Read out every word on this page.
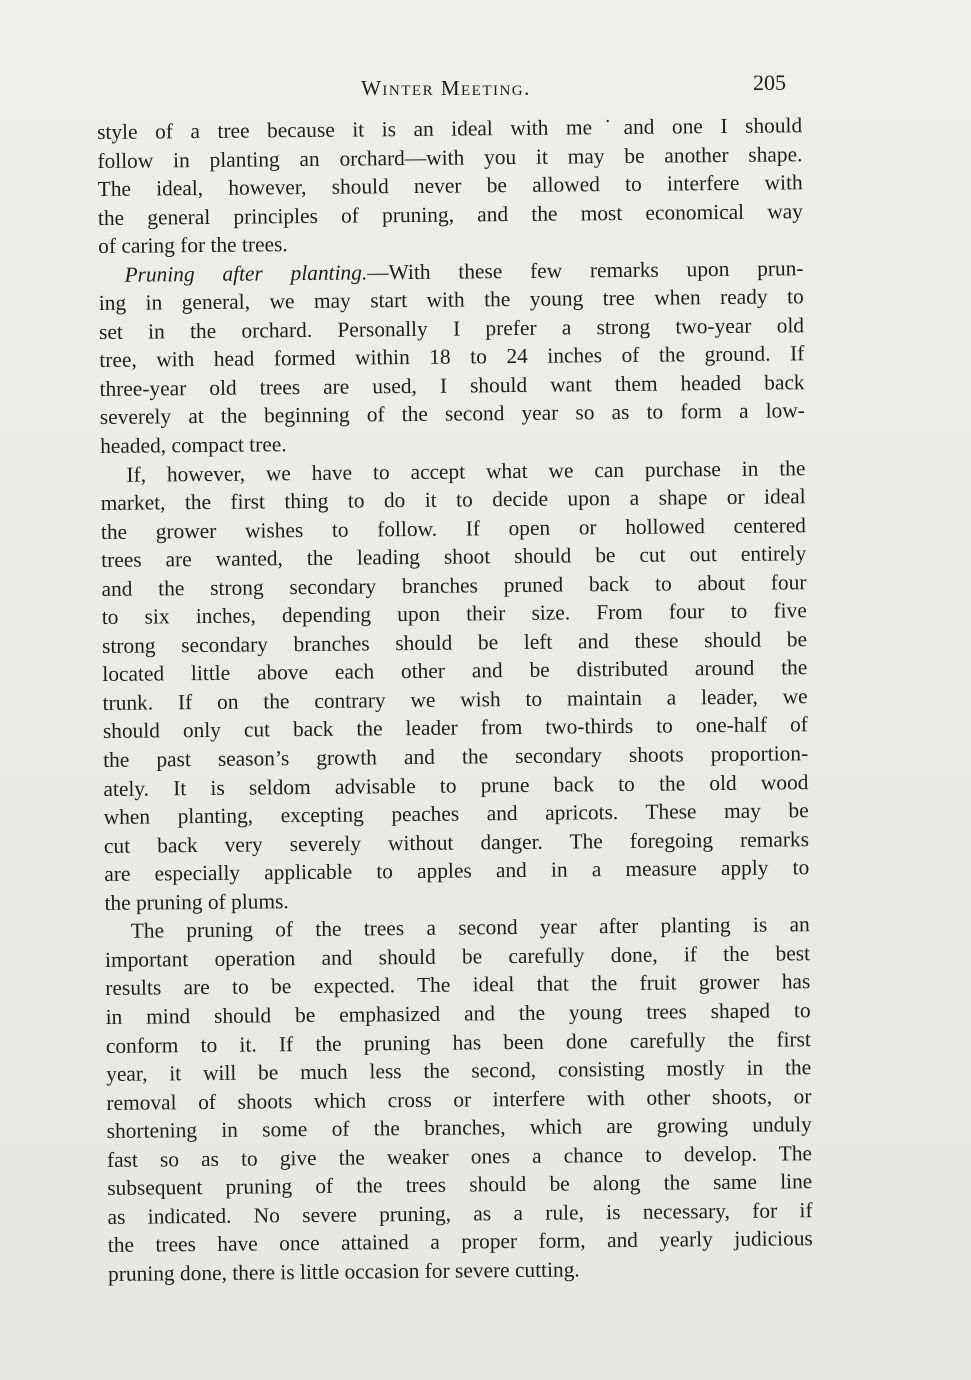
Winter Meeting.	205
style of a tree because it is an ideal with me˙and one I should
follow in planting an orchard—with you it may be another shape.
The ideal, however, should never be allowed to interfere with
the general principles of pruning, and the most economical way
of caring for the trees.
Pruning after planting.—With these few remarks upon prun-
ing in general, we may start with the young tree when ready to
set in the orchard. Personally I prefer a strong two-year old
tree, with head formed within 18 to 24 inches of the ground. If
three-year old trees are used, I should want them headed back
severely at the beginning of the second year so as to form a low-
headed, compact tree.
If, however, we have to accept what we can purchase in the
market, the first thing to do it to decide upon a shape or ideal
the grower wishes to follow. If open or hollowed centered
trees are wanted, the leading shoot should be cut out entirely
and the strong secondary branches pruned back to about four
to six inches, depending upon their size. From four to five
strong secondary branches should be left and these should be
located little above each other and be distributed around the
trunk. If on the contrary we wish to maintain a leader, we
should only cut back the leader from two-thirds to one-half of
the past season’s growth and the secondary shoots proportion-
ately. It is seldom advisable to prune back to the old wood
when planting, excepting peaches and apricots. These may be
cut back very severely without danger. The foregoing remarks
are especially applicable to apples and in a measure apply to
the pruning of plums.
The pruning of the trees a second year after planting is an
important operation and should be carefully done, if the best
results are to be expected. The ideal that the fruit grower has
in mind should be emphasized and the young trees shaped to
conform to it. If the pruning has been done carefully the first
year, it will be much less the second, consisting mostly in the
removal of shoots which cross or interfere with other shoots, or
shortening in some of the branches, which are growing unduly
fast so as to give the weaker ones a chance to develop. The
subsequent pruning of the trees should be along the same line
as indicated. No severe pruning, as a rule, is necessary, for if
the trees have once attained a proper form, and yearly judicious
pruning done, there is little occasion for severe cutting.
